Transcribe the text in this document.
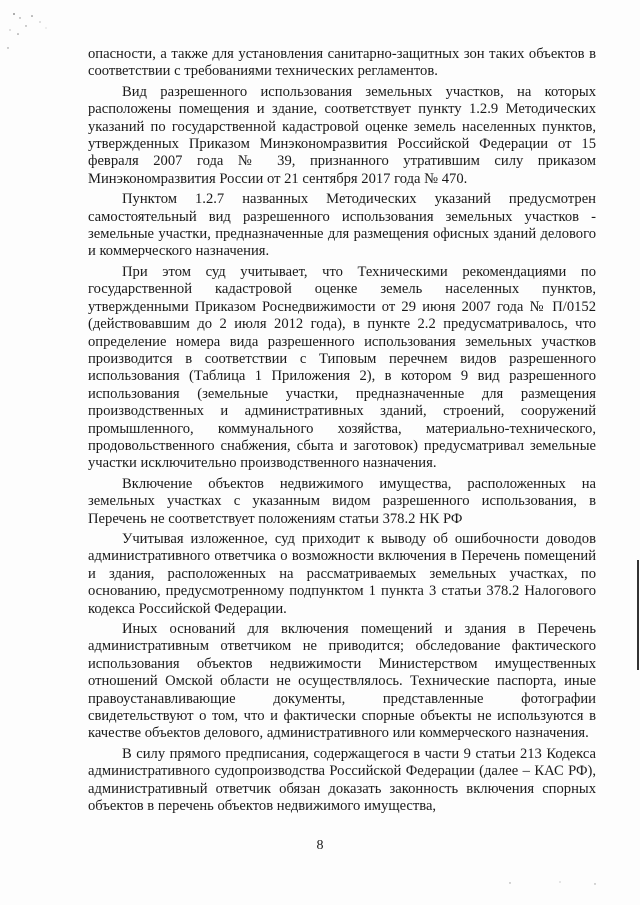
опасности, а также для установления санитарно-защитных зон таких объектов в соответствии с требованиями технических регламентов.

Вид разрешенного использования земельных участков, на которых расположены помещения и здание, соответствует пункту 1.2.9 Методических указаний по государственной кадастровой оценке земель населенных пунктов, утвержденных Приказом Минэкономразвития Российской Федерации от 15 февраля 2007 года № 39, признанного утратившим силу приказом Минэкономразвития России от 21 сентября 2017 года № 470.

Пунктом 1.2.7 названных Методических указаний предусмотрен самостоятельный вид разрешенного использования земельных участков - земельные участки, предназначенные для размещения офисных зданий делового и коммерческого назначения.

При этом суд учитывает, что Техническими рекомендациями по государственной кадастровой оценке земель населенных пунктов, утвержденными Приказом Роснедвижимости от 29 июня 2007 года № П/0152 (действовавшим до 2 июля 2012 года), в пункте 2.2 предусматривалось, что определение номера вида разрешенного использования земельных участков производится в соответствии с Типовым перечнем видов разрешенного использования (Таблица 1 Приложения 2), в котором 9 вид разрешенного использования (земельные участки, предназначенные для размещения производственных и административных зданий, строений, сооружений промышленного, коммунального хозяйства, материально-технического, продовольственного снабжения, сбыта и заготовок) предусматривал земельные участки исключительно производственного назначения.

Включение объектов недвижимого имущества, расположенных на земельных участках с указанным видом разрешенного использования, в Перечень не соответствует положениям статьи 378.2 НК РФ

Учитывая изложенное, суд приходит к выводу об ошибочности доводов административного ответчика о возможности включения в Перечень помещений и здания, расположенных на рассматриваемых земельных участках, по основанию, предусмотренному подпунктом 1 пункта 3 статьи 378.2 Налогового кодекса Российской Федерации.

Иных оснований для включения помещений и здания в Перечень административным ответчиком не приводится; обследование фактического использования объектов недвижимости Министерством имущественных отношений Омской области не осуществлялось. Технические паспорта, иные правоустанавливающие документы, представленные фотографии свидетельствуют о том, что и фактически спорные объекты не используются в качестве объектов делового, административного или коммерческого назначения.

В силу прямого предписания, содержащегося в части 9 статьи 213 Кодекса административного судопроизводства Российской Федерации (далее – КАС РФ), административный ответчик обязан доказать законность включения спорных объектов в перечень объектов недвижимого имущества,

8
